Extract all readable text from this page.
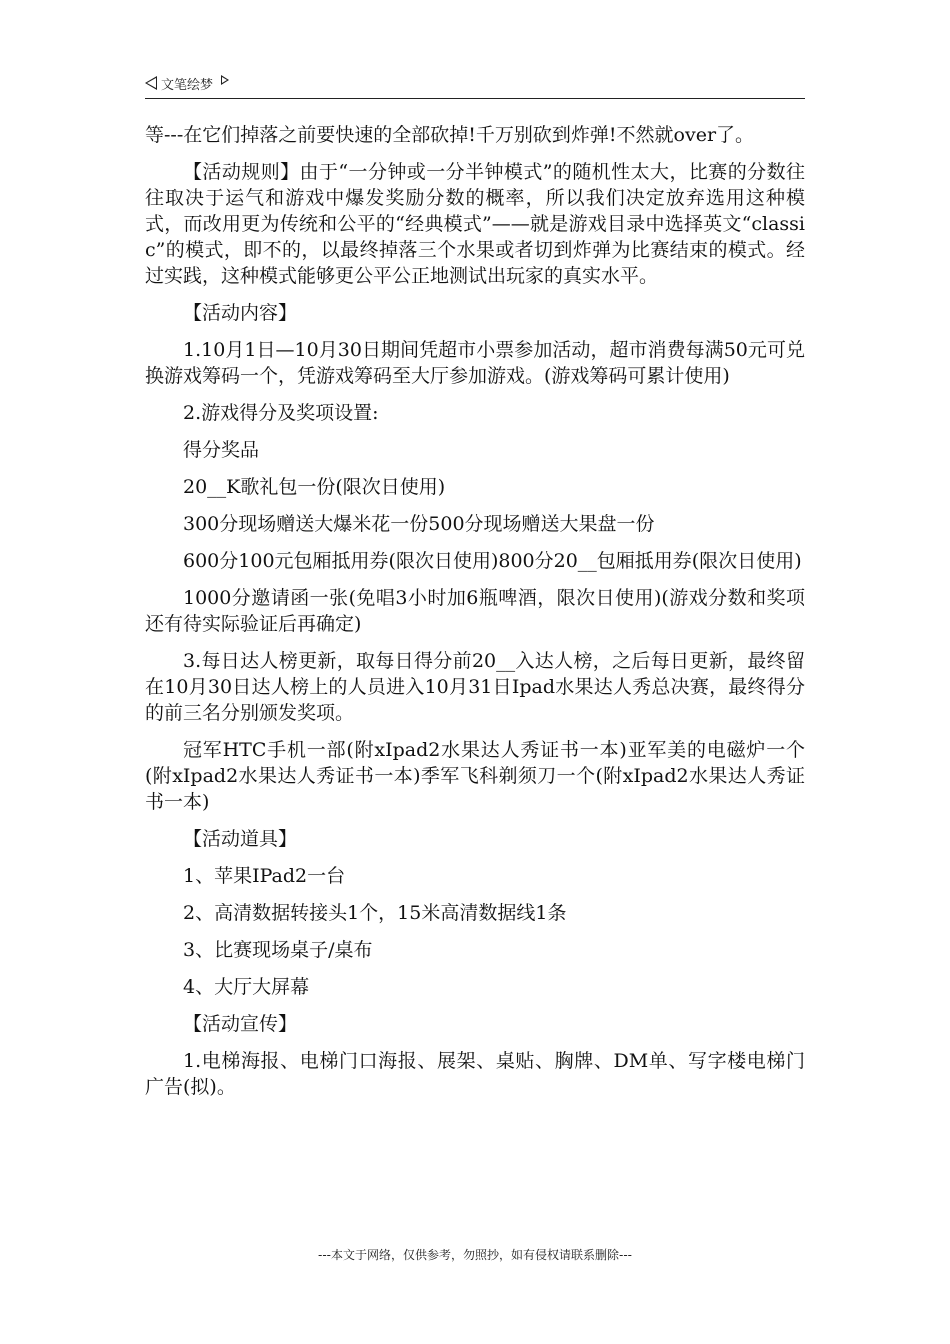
文笔绘梦

等---在它们掉落之前要快速的全部砍掉!千万别砍到炸弹!不然就over了。

【活动规则】由于“一分钟或一分半钟模式”的随机性太大，比赛的分数往往取决于运气和游戏中爆发奖励分数的概率，所以我们决定放弃选用这种模式，而改用更为传统和公平的“经典模式”——就是游戏目录中选择英文“classic”的模式，即不的，以最终掉落三个水果或者切到炸弹为比赛结束的模式。经过实践，这种模式能够更公平公正地测试出玩家的真实水平。

【活动内容】

1.10月1日—10月30日期间凭超市小票参加活动，超市消费每满50元可兑换游戏筹码一个，凭游戏筹码至大厅参加游戏。(游戏筹码可累计使用)

2.游戏得分及奖项设置:

得分奖品

20__K歌礼包一份(限次日使用)

300分现场赠送大爆米花一份500分现场赠送大果盘一份

600分100元包厢抵用券(限次日使用)800分20__包厢抵用券(限次日使用)

1000分邀请函一张(免唱3小时加6瓶啤酒，限次日使用)(游戏分数和奖项还有待实际验证后再确定)

3.每日达人榜更新，取每日得分前20__入达人榜，之后每日更新，最终留在10月30日达人榜上的人员进入10月31日Ipad水果达人秀总决赛，最终得分的前三名分别颁发奖项。

冠军HTC手机一部(附xIpad2水果达人秀证书一本)亚军美的电磁炉一个(附xIpad2水果达人秀证书一本)季军飞科剃须刀一个(附xIpad2水果达人秀证书一本)

【活动道具】

1、苹果IPad2一台

2、高清数据转接头1个，15米高清数据线1条

3、比赛现场桌子/桌布

4、大厅大屏幕

【活动宣传】

1.电梯海报、电梯门口海报、展架、桌贴、胸牌、DM单、写字楼电梯门广告(拟)。

---本文于网络，仅供参考，勿照抄，如有侵权请联系删除---
